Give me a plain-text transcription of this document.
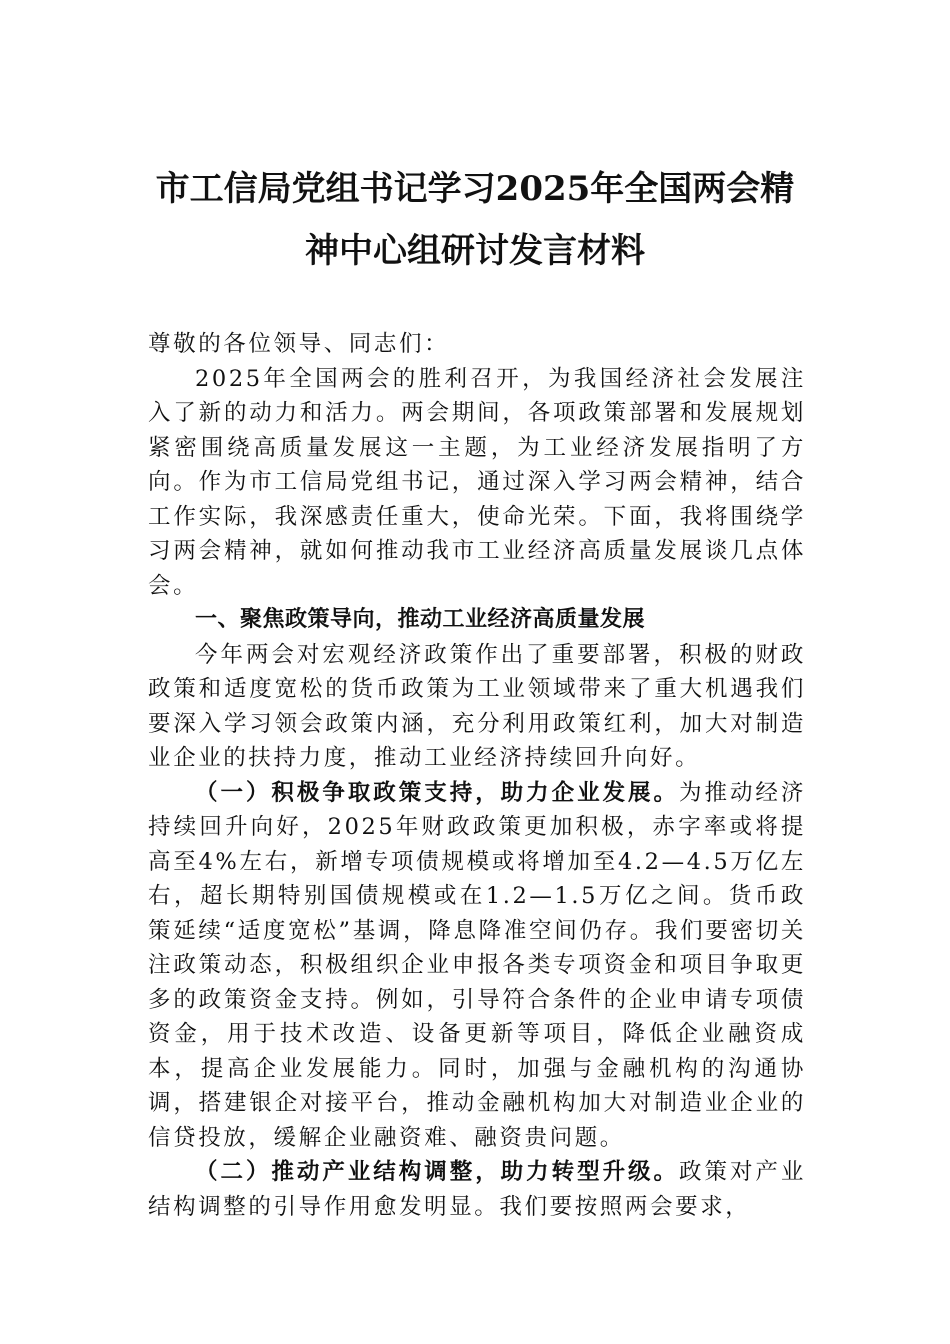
市工信局党组书记学习2025年全国两会精
神中心组研讨发言材料

尊敬的各位领导、同志们：

2025年全国两会的胜利召开，为我国经济社会发展注入了新的动力和活力。两会期间，各项政策部署和发展规划紧密围绕高质量发展这一主题，为工业经济发展指明了方向。作为市工信局党组书记，通过深入学习两会精神，结合工作实际，我深感责任重大，使命光荣。下面，我将围绕学习两会精神，就如何推动我市工业经济高质量发展谈几点体会。

一、聚焦政策导向，推动工业经济高质量发展

今年两会对宏观经济政策作出了重要部署，积极的财政政策和适度宽松的货币政策为工业领域带来了重大机遇我们要深入学习领会政策内涵，充分利用政策红利，加大对制造业企业的扶持力度，推动工业经济持续回升向好。

（一）积极争取政策支持，助力企业发展。为推动经济持续回升向好，2025年财政政策更加积极，赤字率或将提高至4%左右，新增专项债规模或将增加至4.2—4.5万亿左右，超长期特别国债规模或在1.2—1.5万亿之间。货币政策延续“适度宽松”基调，降息降准空间仍存。我们要密切关注政策动态，积极组织企业申报各类专项资金和项目争取更多的政策资金支持。例如，引导符合条件的企业申请专项债资金，用于技术改造、设备更新等项目，降低企业融资成本，提高企业发展能力。同时，加强与金融机构的沟通协调，搭建银企对接平台，推动金融机构加大对制造业企业的信贷投放，缓解企业融资难、融资贵问题。

（二）推动产业结构调整，助力转型升级。政策对产业结构调整的引导作用愈发明显。我们要按照两会要求，
